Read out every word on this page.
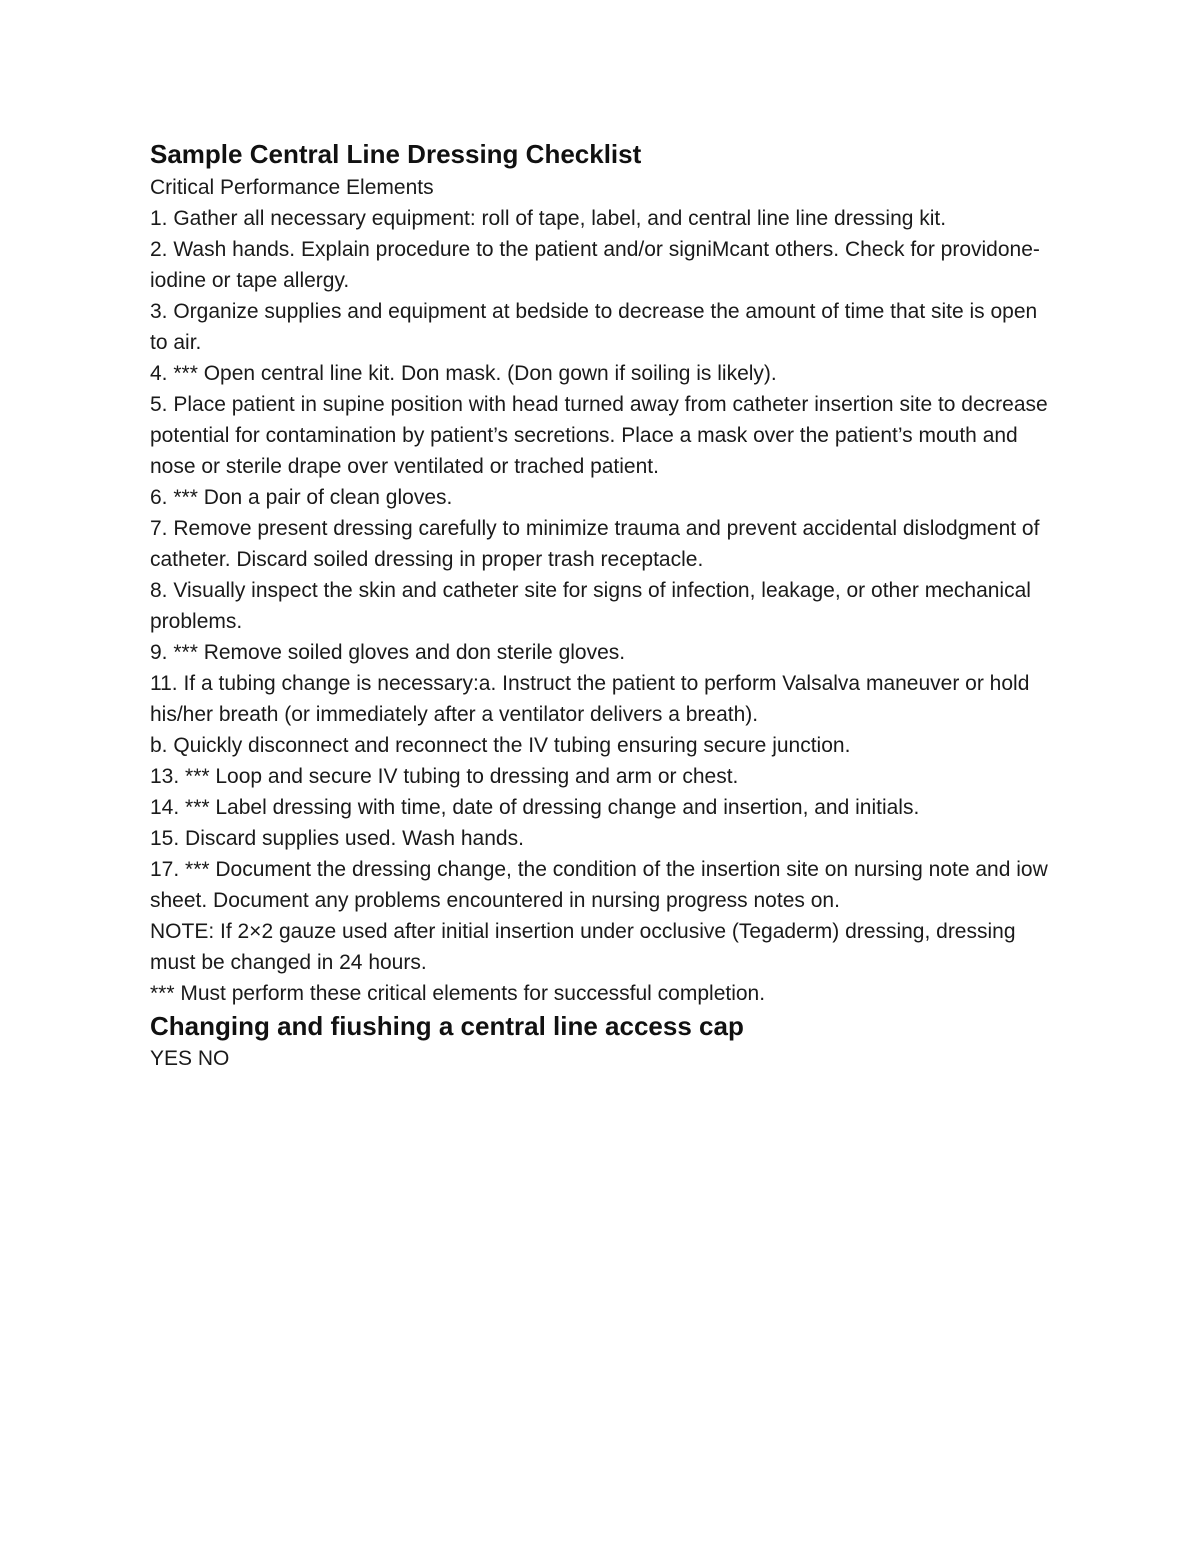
Sample Central Line Dressing Checklist

Critical Performance Elements

1. Gather all necessary equipment: roll of tape, label, and central line line dressing kit.

2. Wash hands. Explain procedure to the patient and/or signiMcant others. Check for providone-iodine or tape allergy.

3. Organize supplies and equipment at bedside to decrease the amount of time that site is open to air.

4. *** Open central line kit. Don mask. (Don gown if soiling is likely).

5. Place patient in supine position with head turned away from catheter insertion site to decrease potential for contamination by patient’s secretions. Place a mask over the patient’s mouth and nose or sterile drape over ventilated or trached patient.

6. *** Don a pair of clean gloves.

7. Remove present dressing carefully to minimize trauma and prevent accidental dislodgment of catheter. Discard soiled dressing in proper trash receptacle.

8. Visually inspect the skin and catheter site for signs of infection, leakage, or other mechanical problems.

9. *** Remove soiled gloves and don sterile gloves.

11. If a tubing change is necessary:a. Instruct the patient to perform Valsalva maneuver or hold his/her breath (or immediately after a ventilator delivers a breath).

b. Quickly disconnect and reconnect the IV tubing ensuring secure junction.

13. *** Loop and secure IV tubing to dressing and arm or chest.

14. *** Label dressing with time, date of dressing change and insertion, and initials.

15. Discard supplies used. Wash hands.

17. *** Document the dressing change, the condition of the insertion site on nursing note and iow sheet. Document any problems encountered in nursing progress notes on.

NOTE: If 2×2 gauze used after initial insertion under occlusive (Tegaderm) dressing, dressing must be changed in 24 hours.

*** Must perform these critical elements for successful completion.

Changing and fiushing a central line access cap

YES NO
